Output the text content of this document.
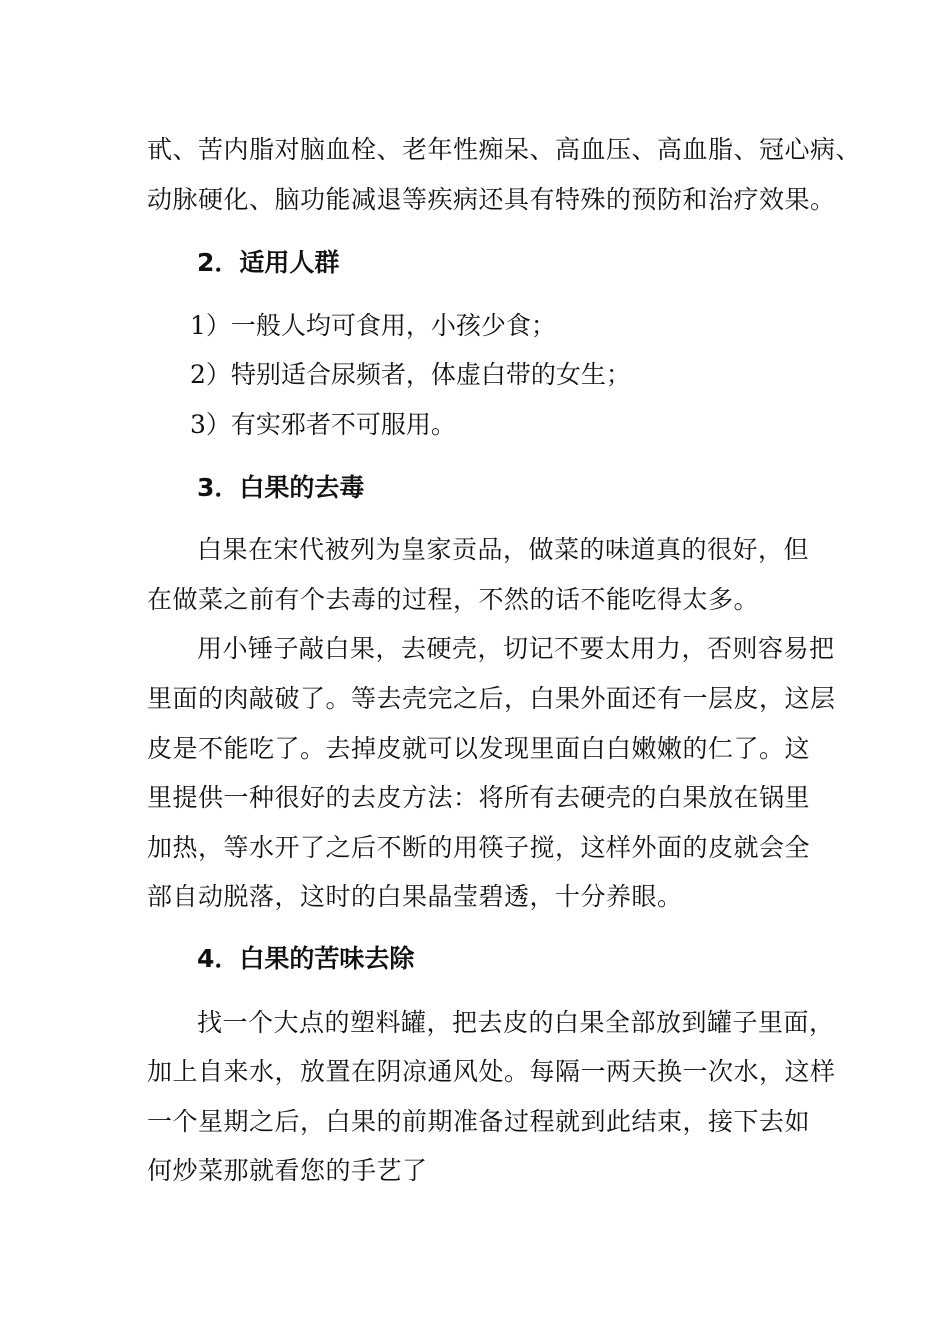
甙、苦内脂对脑血栓、老年性痴呆、高血压、高血脂、冠心病、
动脉硬化、脑功能减退等疾病还具有特殊的预防和治疗效果。
2．适用人群
1）一般人均可食用，小孩少食；
2）特别适合尿频者，体虚白带的女生；
3）有实邪者不可服用。
3．白果的去毒
白果在宋代被列为皇家贡品，做菜的味道真的很好，但
在做菜之前有个去毒的过程，不然的话不能吃得太多。
用小锤子敲白果，去硬壳，切记不要太用力，否则容易把
里面的肉敲破了。等去壳完之后，白果外面还有一层皮，这层
皮是不能吃了。去掉皮就可以发现里面白白嫩嫩的仁了。这
里提供一种很好的去皮方法：将所有去硬壳的白果放在锅里
加热，等水开了之后不断的用筷子搅，这样外面的皮就会全
部自动脱落，这时的白果晶莹碧透，十分养眼。
4．白果的苦味去除
找一个大点的塑料罐，把去皮的白果全部放到罐子里面，
加上自来水，放置在阴凉通风处。每隔一两天换一次水，这样
一个星期之后，白果的前期准备过程就到此结束，接下去如
何炒菜那就看您的手艺了
